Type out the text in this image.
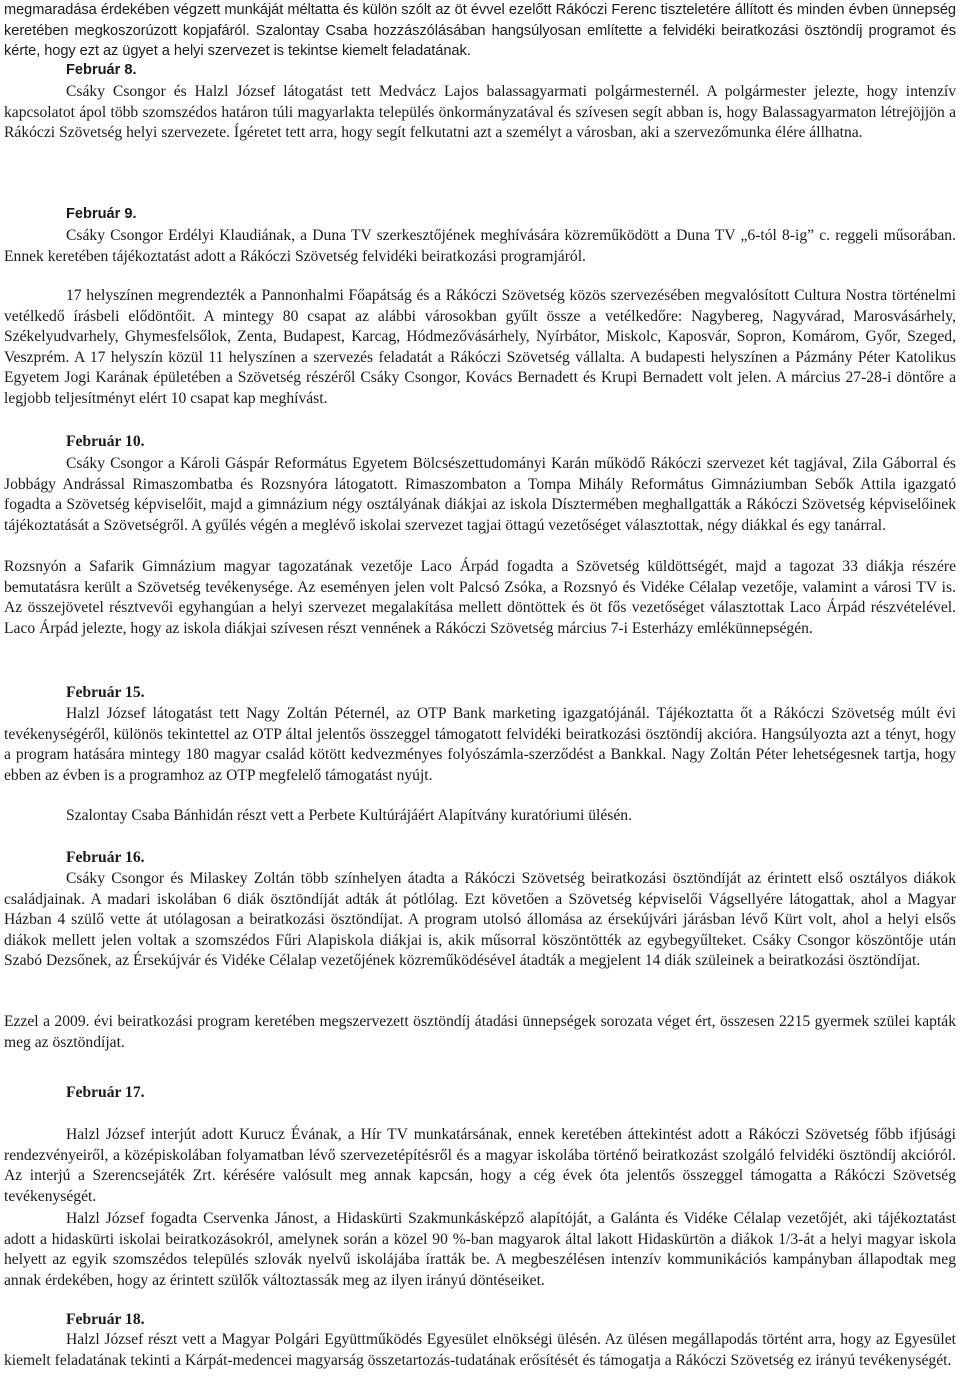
megmaradása érdekében végzett munkáját méltatta és külön szólt az öt évvel ezelőtt Rákóczi Ferenc tiszteletére állított és minden évben ünnepség keretében megkoszorúzott kopjafáról. Szalontay Csaba hozzászólásában hangsúlyosan említette a felvidéki beiratkozási ösztöndíj programot és kérte, hogy ezt az ügyet a helyi szervezet is tekintse kiemelt feladatának.

Február 8.

Csáky Csongor és Halzl József látogatást tett Medvácz Lajos balassagyarmati polgármesternél. A polgármester jelezte, hogy intenzív kapcsolatot ápol több szomszédos határon túli magyarlakta település önkormányzatával és szívesen segít abban is, hogy Balassagyarmaton létrejöjjön a Rákóczi Szövetség helyi szervezete. Ígéretet tett arra, hogy segít felkutatni azt a személyt a városban, aki a szervezőmunka élére állhatna.

Február 9.

Csáky Csongor Erdélyi Klaudiának, a Duna TV szerkesztőjének meghívására közreműködött a Duna TV „6-tól 8-ig” c. reggeli műsorában. Ennek keretében tájékoztatást adott a Rákóczi Szövetség felvidéki beiratkozási programjáról.

17 helyszínen megrendezték a Pannonhalmi Főapátság és a Rákóczi Szövetség közös szervezésében megvalósított Cultura Nostra történelmi vetélkedő írásbeli elődöntőit. A mintegy 80 csapat az alábbi városokban gyűlt össze a vetélkedőre: Nagybereg, Nagyvárad, Marosvásárhely, Székelyudvarhely, Ghymesfelsőlok, Zenta, Budapest, Karcag, Hódmezővásárhely, Nyírbátor, Miskolc, Kaposvár, Sopron, Komárom, Győr, Szeged, Veszprém. A 17 helyszín közül 11 helyszínen a szervezés feladatát a Rákóczi Szövetség vállalta. A budapesti helyszínen a Pázmány Péter Katolikus Egyetem Jogi Karának épületében a Szövetség részéről Csáky Csongor, Kovács Bernadett és Krupi Bernadett volt jelen. A március 27-28-i döntőre a legjobb teljesítményt elért 10 csapat kap meghívást.

Február 10.

Csáky Csongor a Károli Gáspár Református Egyetem Bölcsészettudományi Karán működő Rákóczi szervezet két tagjával, Zila Gáborral és Jobbágy Andrással Rimaszombatba és Rozsnyóra látogatott. Rimaszombaton a Tompa Mihály Református Gimnáziumban Sebők Attila igazgató fogadta a Szövetség képviselőit, majd a gimnázium négy osztályának diákjai az iskola Dísztermében meghallgatták a Rákóczi Szövetség képviselőinek tájékoztatását a Szövetségről. A gyűlés végén a meglévő iskolai szervezet tagjai öttagú vezetőséget választottak, négy diákkal és egy tanárral.

Rozsnyón a Safarik Gimnázium magyar tagozatának vezetője Laco Árpád fogadta a Szövetség küldöttségét, majd a tagozat 33 diákja részére bemutatásra került a Szövetség tevékenysége. Az eseményen jelen volt Palcsó Zsóka, a Rozsnyó és Vidéke Célalap vezetője, valamint a városi TV is. Az összejövetel résztvevői egyhangúan a helyi szervezet megalakítása mellett döntöttek és öt fős vezetőséget választottak Laco Árpád részvételével. Laco Árpád jelezte, hogy az iskola diákjai szívesen részt vennének a Rákóczi Szövetség március 7-i Esterházy emlékünnepségén.

Február 15.

Halzl József látogatást tett Nagy Zoltán Péternél, az OTP Bank marketing igazgatójánál. Tájékoztatta őt a Rákóczi Szövetség múlt évi tevékenységéről, különös tekintettel az OTP által jelentős összeggel támogatott felvidéki beiratkozási ösztöndíj akcióra. Hangsúlyozta azt a tényt, hogy a program hatására mintegy 180 magyar család kötött kedvezményes folyószámla-szerződést a Bankkal. Nagy Zoltán Péter lehetségesnek tartja, hogy ebben az évben is a programhoz az OTP megfelelő támogatást nyújt.

Szalontay Csaba Bánhidán részt vett a Perbete Kultúrájáért Alapítvány kuratóriumi ülésén.

Február 16.

Csáky Csongor és Milaskey Zoltán több színhelyen átadta a Rákóczi Szövetség beiratkozási ösztöndíját az érintett első osztályos diákok családjainak. A madari iskolában 6 diák ösztöndíját adták át pótlólag. Ezt követően a Szövetség képviselői Vágsellyére látogattak, ahol a Magyar Házban 4 szülő vette át utólagosan a beiratkozási ösztöndíjat. A program utolsó állomása az érsekújvári járásban lévő Kürt volt, ahol a helyi elsős diákok mellett jelen voltak a szomszédos Fűri Alapiskola diákjai is, akik műsorral köszöntötték az egybegyűlteket. Csáky Csongor köszöntője után Szabó Dezsőnek, az Érsekújvár és Vidéke Célalap vezetőjének közreműködésével átadták a megjelent 14 diák szüleinek a beiratkozási ösztöndíjat.

Ezzel a 2009. évi beiratkozási program keretében megszervezett ösztöndíj átadási ünnepségek sorozata véget ért, összesen 2215 gyermek szülei kapták meg az ösztöndíjat.

Február 17.

Halzl József interjút adott Kurucz Évának, a Hír TV munkatársának, ennek keretében áttekintést adott a Rákóczi Szövetség főbb ifjúsági rendezvényeiről, a középiskolában folyamatban lévő szervezetépítésről és a magyar iskolába történő beiratkozást szolgáló felvidéki ösztöndíj akcióról. Az interjú a Szerencsejáték Zrt. kérésére valósult meg annak kapcsán, hogy a cég évek óta jelentős összeggel támogatta a Rákóczi Szövetség tevékenységét.

Halzl József fogadta Cservenka Jánost, a Hidaskürti Szakmunkásképző alapítóját, a Galánta és Vidéke Célalap vezetőjét, aki tájékoztatást adott a hidaskürti iskolai beiratkozásokról, amelynek során a közel 90 %-ban magyarok által lakott Hidaskürtön a diákok 1/3-át a helyi magyar iskola helyett az egyik szomszédos település szlovák nyelvű iskolájába íratták be. A megbeszélésen intenzív kommunikációs kampányban állapodtak meg annak érdekében, hogy az érintett szülők változtassák meg az ilyen irányú döntéseiket.

Február 18.

Halzl József részt vett a Magyar Polgári Együttműködés Egyesület elnökségi ülésén. Az ülésen megállapodás történt arra, hogy az Egyesület kiemelt feladatának tekinti a Kárpát-medencei magyarság összetartozás-tudatának erősítését és támogatja a Rákóczi Szövetség ez irányú tevékenységét.
